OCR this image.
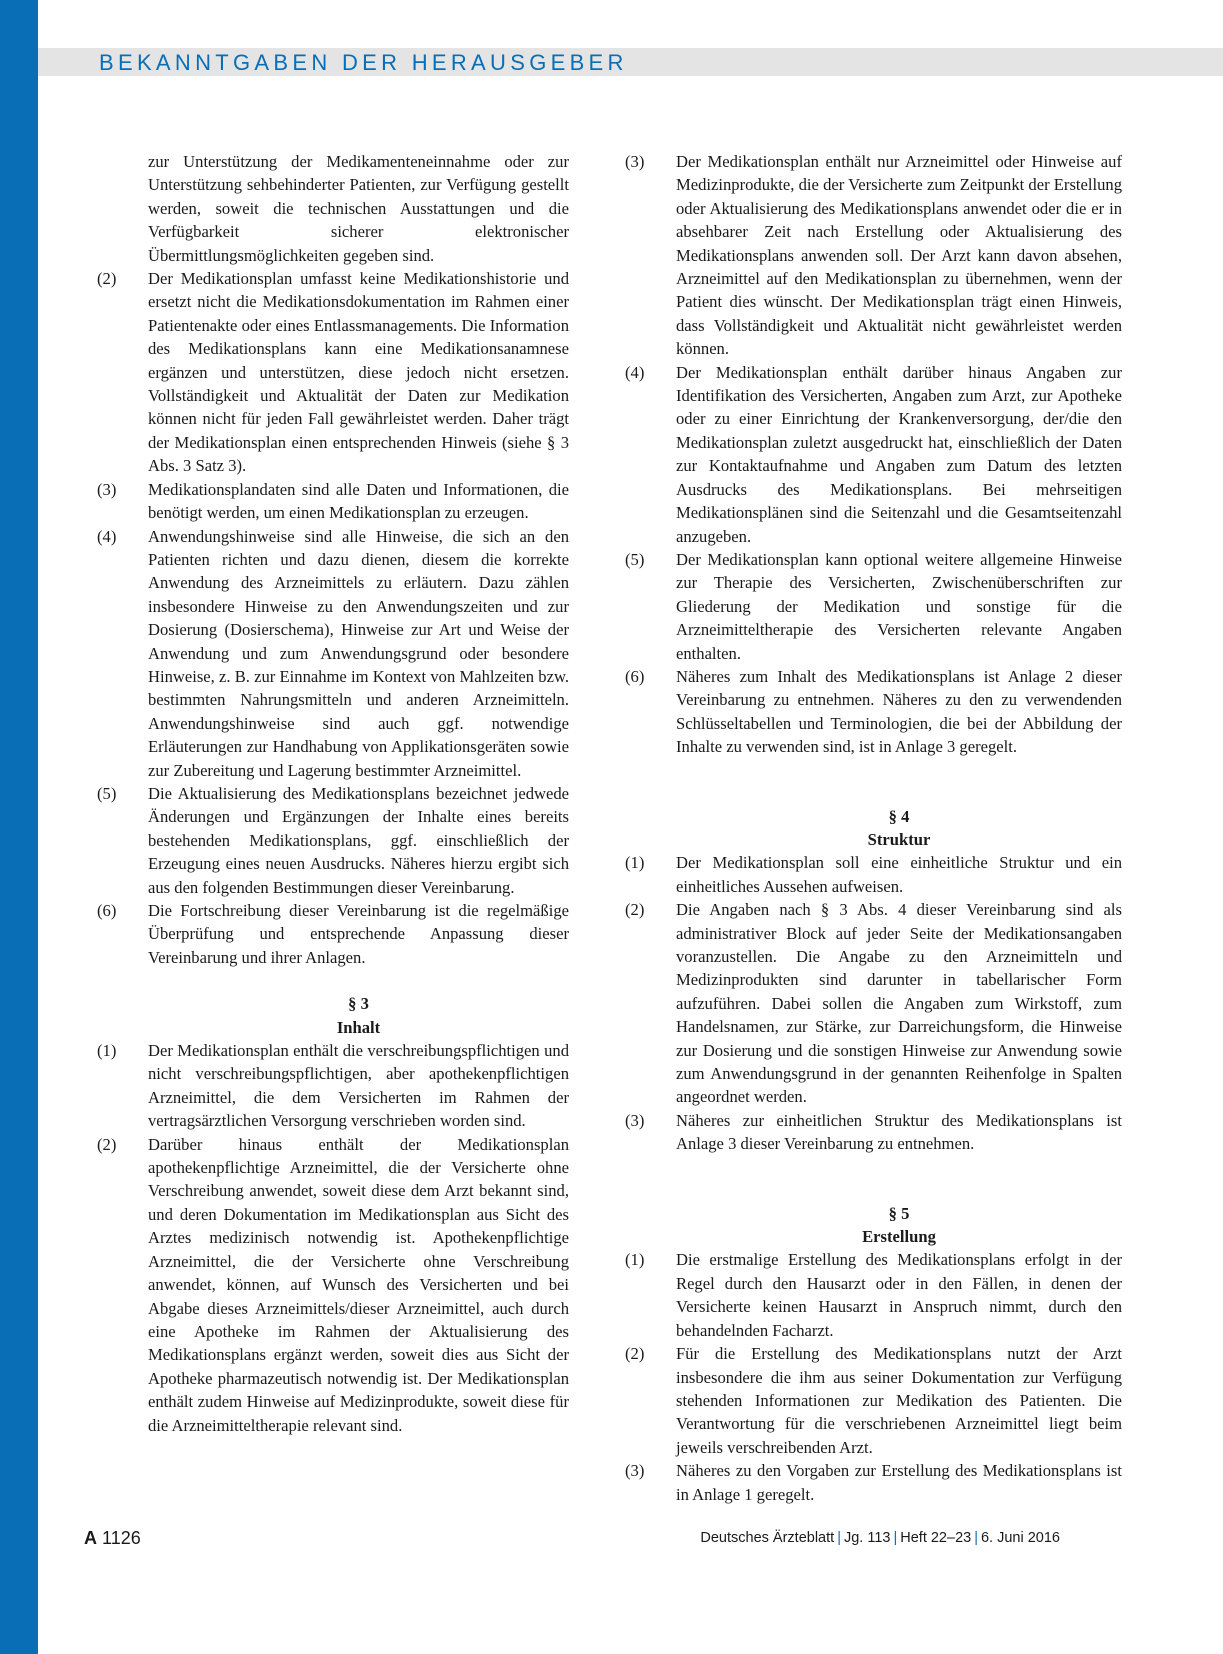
BEKANNTGABEN DER HERAUSGEBER
zur Unterstützung der Medikamenteneinnahme oder zur Unterstützung sehbehinderter Patienten, zur Verfügung gestellt werden, soweit die technischen Ausstattungen und die Verfügbarkeit sicherer elektronischer Übermittlungsmöglichkeiten gegeben sind.
(2)	Der Medikationsplan umfasst keine Medikationshistorie und ersetzt nicht die Medikationsdokumentation im Rahmen einer Patientenakte oder eines Entlassmanagements. Die Information des Medikationsplans kann eine Medikationsanamnese ergänzen und unterstützen, diese jedoch nicht ersetzen. Vollständigkeit und Aktualität der Daten zur Medikation können nicht für jeden Fall gewährleistet werden. Daher trägt der Medikationsplan einen entsprechenden Hinweis (siehe § 3 Abs. 3 Satz 3).
(3)	Medikationsplandaten sind alle Daten und Informationen, die benötigt werden, um einen Medikationsplan zu erzeugen.
(4)	Anwendungshinweise sind alle Hinweise, die sich an den Patienten richten und dazu dienen, diesem die korrekte Anwendung des Arzneimittels zu erläutern. Dazu zählen insbesondere Hinweise zu den Anwendungszeiten und zur Dosierung (Dosierschema), Hinweise zur Art und Weise der Anwendung und zum Anwendungsgrund oder besondere Hinweise, z. B. zur Einnahme im Kontext von Mahlzeiten bzw. bestimmten Nahrungsmitteln und anderen Arzneimitteln. Anwendungshinweise sind auch ggf. notwendige Erläuterungen zur Handhabung von Applikationsgeräten sowie zur Zubereitung und Lagerung bestimmter Arzneimittel.
(5)	Die Aktualisierung des Medikationsplans bezeichnet jedwede Änderungen und Ergänzungen der Inhalte eines bereits bestehenden Medikationsplans, ggf. einschließlich der Erzeugung eines neuen Ausdrucks. Näheres hierzu ergibt sich aus den folgenden Bestimmungen dieser Vereinbarung.
(6)	Die Fortschreibung dieser Vereinbarung ist die regelmäßige Überprüfung und entsprechende Anpassung dieser Vereinbarung und ihrer Anlagen.
§ 3
Inhalt
(1)	Der Medikationsplan enthält die verschreibungspflichtigen und nicht verschreibungspflichtigen, aber apothekenpflichtigen Arzneimittel, die dem Versicherten im Rahmen der vertragsärztlichen Versorgung verschrieben worden sind.
(2)	Darüber hinaus enthält der Medikationsplan apothekenpflichtige Arzneimittel, die der Versicherte ohne Verschreibung anwendet, soweit diese dem Arzt bekannt sind, und deren Dokumentation im Medikationsplan aus Sicht des Arztes medizinisch notwendig ist. Apothekenpflichtige Arzneimittel, die der Versicherte ohne Verschreibung anwendet, können, auf Wunsch des Versicherten und bei Abgabe dieses Arzneimittels/dieser Arzneimittel, auch durch eine Apotheke im Rahmen der Aktualisierung des Medikationsplans ergänzt werden, soweit dies aus Sicht der Apotheke pharmazeutisch notwendig ist. Der Medikationsplan enthält zudem Hinweise auf Medizinprodukte, soweit diese für die Arzneimitteltherapie relevant sind.
(3)	Der Medikationsplan enthält nur Arzneimittel oder Hinweise auf Medizinprodukte, die der Versicherte zum Zeitpunkt der Erstellung oder Aktualisierung des Medikationsplans anwendet oder die er in absehbarer Zeit nach Erstellung oder Aktualisierung des Medikationsplans anwenden soll. Der Arzt kann davon absehen, Arzneimittel auf den Medikationsplan zu übernehmen, wenn der Patient dies wünscht. Der Medikationsplan trägt einen Hinweis, dass Vollständigkeit und Aktualität nicht gewährleistet werden können.
(4)	Der Medikationsplan enthält darüber hinaus Angaben zur Identifikation des Versicherten, Angaben zum Arzt, zur Apotheke oder zu einer Einrichtung der Krankenversorgung, der/die den Medikationsplan zuletzt ausgedruckt hat, einschließlich der Daten zur Kontaktaufnahme und Angaben zum Datum des letzten Ausdrucks des Medikationsplans. Bei mehrseitigen Medikationsplänen sind die Seitenzahl und die Gesamtseitenzahl anzugeben.
(5)	Der Medikationsplan kann optional weitere allgemeine Hinweise zur Therapie des Versicherten, Zwischenüberschriften zur Gliederung der Medikation und sonstige für die Arzneimitteltherapie des Versicherten relevante Angaben enthalten.
(6)	Näheres zum Inhalt des Medikationsplans ist Anlage 2 dieser Vereinbarung zu entnehmen. Näheres zu den zu verwendenden Schlüsseltabellen und Terminologien, die bei der Abbildung der Inhalte zu verwenden sind, ist in Anlage 3 geregelt.
§ 4
Struktur
(1)	Der Medikationsplan soll eine einheitliche Struktur und ein einheitliches Aussehen aufweisen.
(2)	Die Angaben nach § 3 Abs. 4 dieser Vereinbarung sind als administrativer Block auf jeder Seite der Medikationsangaben voranzustellen. Die Angabe zu den Arzneimitteln und Medizinprodukten sind darunter in tabellarischer Form aufzuführen. Dabei sollen die Angaben zum Wirkstoff, zum Handelsnamen, zur Stärke, zur Darreichungsform, die Hinweise zur Dosierung und die sonstigen Hinweise zur Anwendung sowie zum Anwendungsgrund in der genannten Reihenfolge in Spalten angeordnet werden.
(3)	Näheres zur einheitlichen Struktur des Medikationsplans ist Anlage 3 dieser Vereinbarung zu entnehmen.
§ 5
Erstellung
(1)	Die erstmalige Erstellung des Medikationsplans erfolgt in der Regel durch den Hausarzt oder in den Fällen, in denen der Versicherte keinen Hausarzt in Anspruch nimmt, durch den behandelnden Facharzt.
(2)	Für die Erstellung des Medikationsplans nutzt der Arzt insbesondere die ihm aus seiner Dokumentation zur Verfügung stehenden Informationen zur Medikation des Patienten. Die Verantwortung für die verschriebenen Arzneimittel liegt beim jeweils verschreibenden Arzt.
(3)	Näheres zu den Vorgaben zur Erstellung des Medikationsplans ist in Anlage 1 geregelt.
A 1126	Deutsches Ärzteblatt | Jg. 113 | Heft 22–23 | 6. Juni 2016
